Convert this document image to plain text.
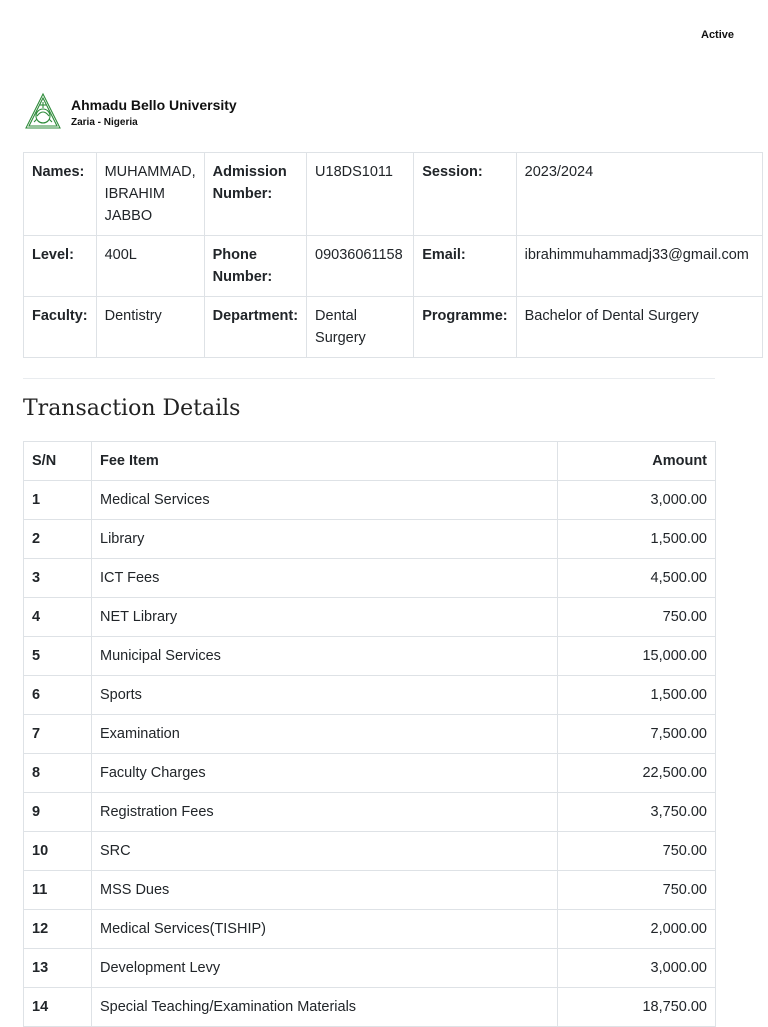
Active
Ahmadu Bello University
Zaria - Nigeria
Names:	MUHAMMAD, IBRAHIM JABBO	Admission Number:	U18DS1011	Session:	2023/2024
Level:	400L	Phone Number:	09036061158	Email:	ibrahimmuhammadj33@gmail.com
Faculty:	Dentistry	Department:	Dental Surgery	Programme:	Bachelor of Dental Surgery
Transaction Details
S/N	Fee Item	Amount
1	Medical Services	3,000.00
2	Library	1,500.00
3	ICT Fees	4,500.00
4	NET Library	750.00
5	Municipal Services	15,000.00
6	Sports	1,500.00
7	Examination	7,500.00
8	Faculty Charges	22,500.00
9	Registration Fees	3,750.00
10	SRC	750.00
11	MSS Dues	750.00
12	Medical Services(TISHIP)	2,000.00
13	Development Levy	3,000.00
14	Special Teaching/Examination Materials	18,750.00
